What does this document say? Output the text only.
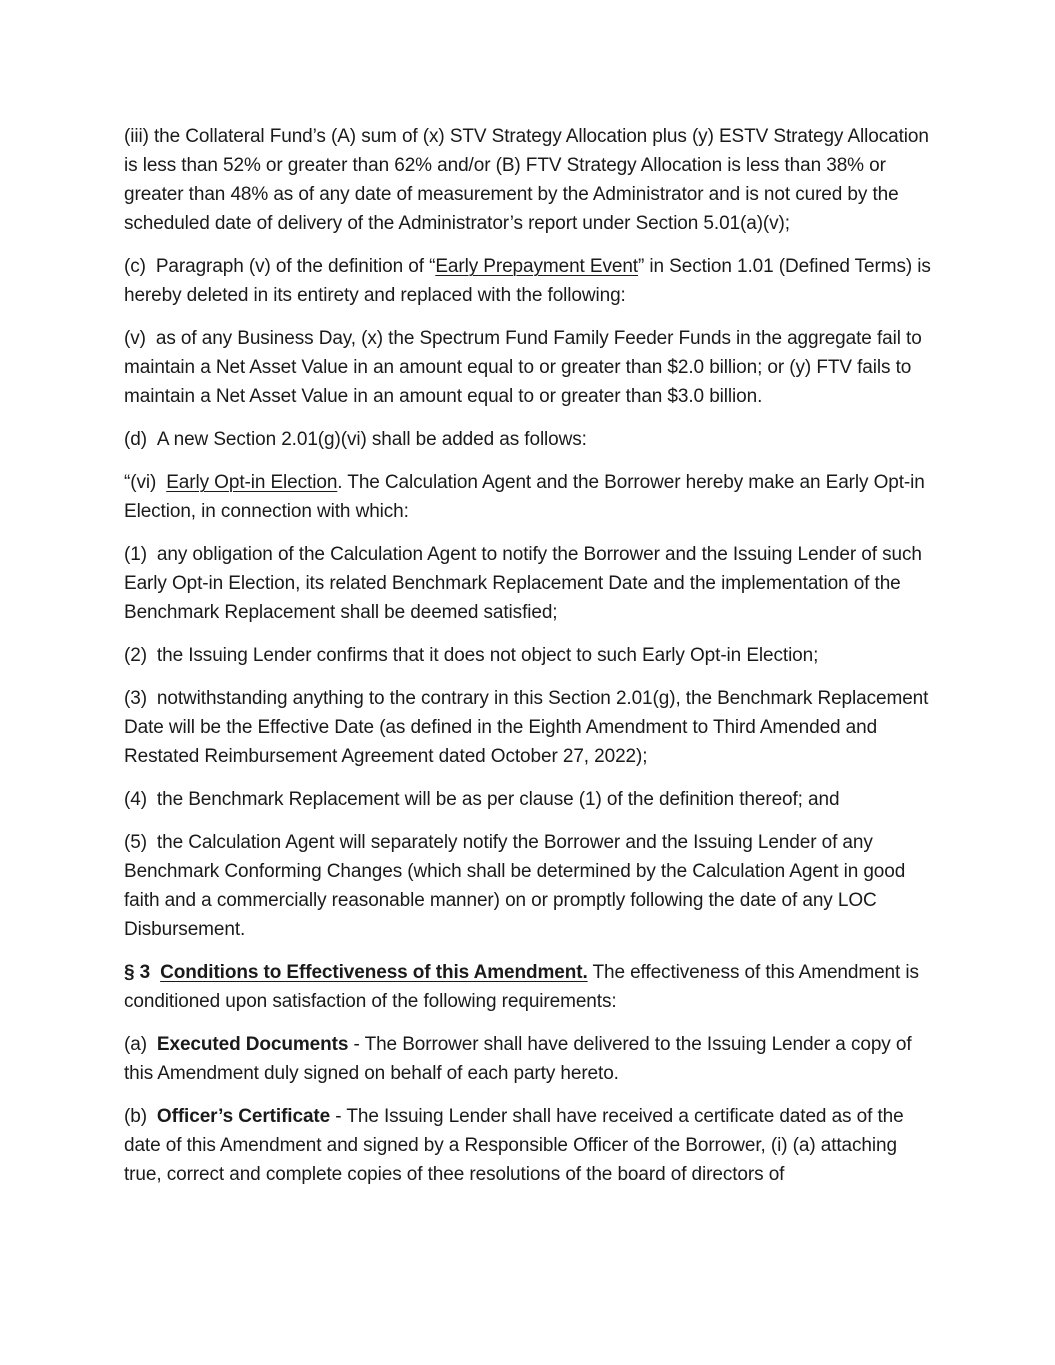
(iii) the Collateral Fund’s (A) sum of (x) STV Strategy Allocation plus (y) ESTV Strategy Allocation is less than 52% or greater than 62% and/or (B) FTV Strategy Allocation is less than 38% or greater than 48% as of any date of measurement by the Administrator and is not cured by the scheduled date of delivery of the Administrator’s report under Section 5.01(a)(v);

(c) Paragraph (v) of the definition of “Early Prepayment Event” in Section 1.01 (Defined Terms) is hereby deleted in its entirety and replaced with the following:

(v) as of any Business Day, (x) the Spectrum Fund Family Feeder Funds in the aggregate fail to maintain a Net Asset Value in an amount equal to or greater than $2.0 billion; or (y) FTV fails to maintain a Net Asset Value in an amount equal to or greater than $3.0 billion.

(d) A new Section 2.01(g)(vi) shall be added as follows:

“(vi) Early Opt-in Election. The Calculation Agent and the Borrower hereby make an Early Opt-in Election, in connection with which:

(1) any obligation of the Calculation Agent to notify the Borrower and the Issuing Lender of such Early Opt-in Election, its related Benchmark Replacement Date and the implementation of the Benchmark Replacement shall be deemed satisfied;

(2) the Issuing Lender confirms that it does not object to such Early Opt-in Election;

(3) notwithstanding anything to the contrary in this Section 2.01(g), the Benchmark Replacement Date will be the Effective Date (as defined in the Eighth Amendment to Third Amended and Restated Reimbursement Agreement dated October 27, 2022);

(4) the Benchmark Replacement will be as per clause (1) of the definition thereof; and

(5) the Calculation Agent will separately notify the Borrower and the Issuing Lender of any Benchmark Conforming Changes (which shall be determined by the Calculation Agent in good faith and a commercially reasonable manner) on or promptly following the date of any LOC Disbursement.

§ 3 Conditions to Effectiveness of this Amendment. The effectiveness of this Amendment is conditioned upon satisfaction of the following requirements:

(a) Executed Documents - The Borrower shall have delivered to the Issuing Lender a copy of this Amendment duly signed on behalf of each party hereto.

(b) Officer’s Certificate - The Issuing Lender shall have received a certificate dated as of the date of this Amendment and signed by a Responsible Officer of the Borrower, (i) (a) attaching true, correct and complete copies of thee resolutions of the board of directors of
